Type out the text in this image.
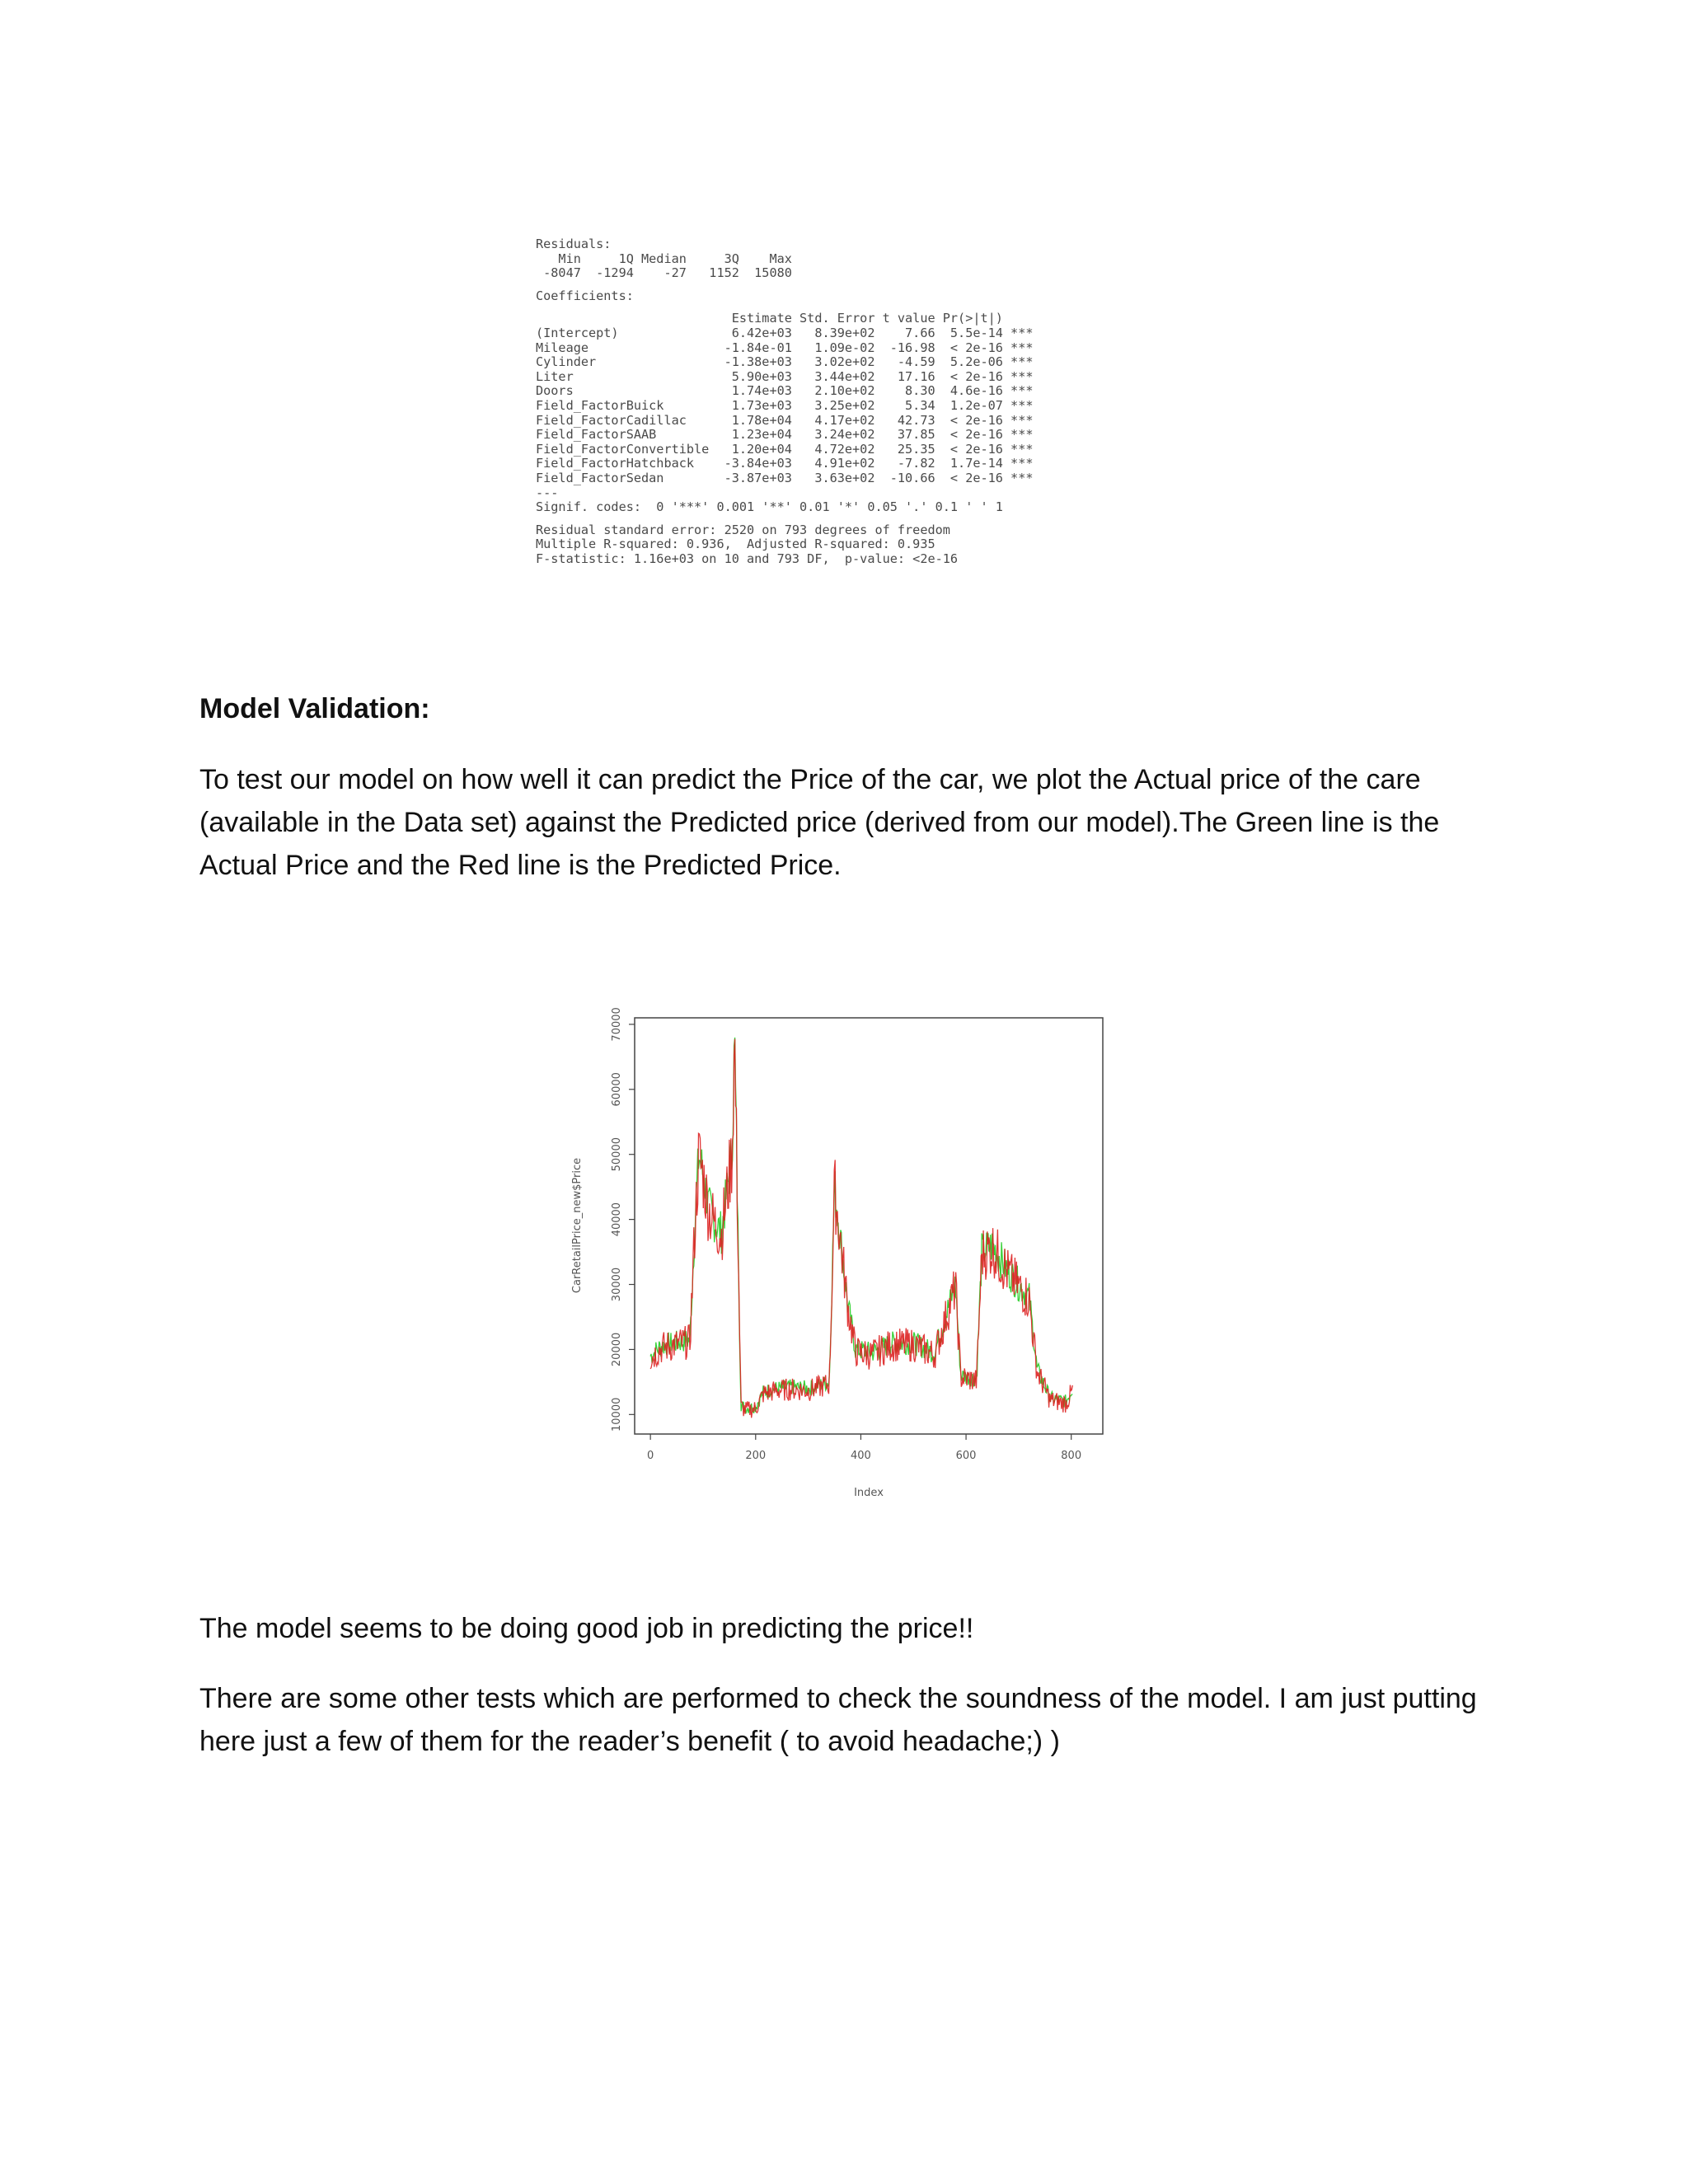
Residuals:
Min     1Q Median     3Q    Max
-8047  -1294    -27   1152  15080
Coefficients:
Estimate Std. Error t value Pr(>|t|)
(Intercept)               6.42e+03   8.39e+02    7.66  5.5e-14 ***
Mileage                  -1.84e-01   1.09e-02  -16.98  < 2e-16 ***
Cylinder                 -1.38e+03   3.02e+02   -4.59  5.2e-06 ***
Liter                     5.90e+03   3.44e+02   17.16  < 2e-16 ***
Doors                     1.74e+03   2.10e+02    8.30  4.6e-16 ***
Field_FactorBuick         1.73e+03   3.25e+02    5.34  1.2e-07 ***
Field_FactorCadillac      1.78e+04   4.17e+02   42.73  < 2e-16 ***
Field_FactorSAAB          1.23e+04   3.24e+02   37.85  < 2e-16 ***
Field_FactorConvertible   1.20e+04   4.72e+02   25.35  < 2e-16 ***
Field_FactorHatchback    -3.84e+03   4.91e+02   -7.82  1.7e-14 ***
Field_FactorSedan        -3.87e+03   3.63e+02  -10.66  < 2e-16 ***
---
Signif. codes:  0 '***' 0.001 '**' 0.01 '*' 0.05 '.' 0.1 ' ' 1
Residual standard error: 2520 on 793 degrees of freedom
Multiple R-squared: 0.936,  Adjusted R-squared: 0.935
F-statistic: 1.16e+03 on 10 and 793 DF,  p-value: <2e-16
Model Validation:

To test our model on how well it can predict the Price of the car, we plot the Actual price of the care (available in the Data set) against the Predicted price (derived from our model).The Green line is the Actual Price and the Red line is the Predicted Price.

0	200	400	600	800
10000
20000
30000
40000
50000
60000
70000
Index
CarRetailPrice_new$Price

The model seems to be doing good job in predicting the price!!

There are some other tests which are performed to check the soundness of the model. I am just putting here just a few of them for the reader’s benefit ( to avoid headache;) )
